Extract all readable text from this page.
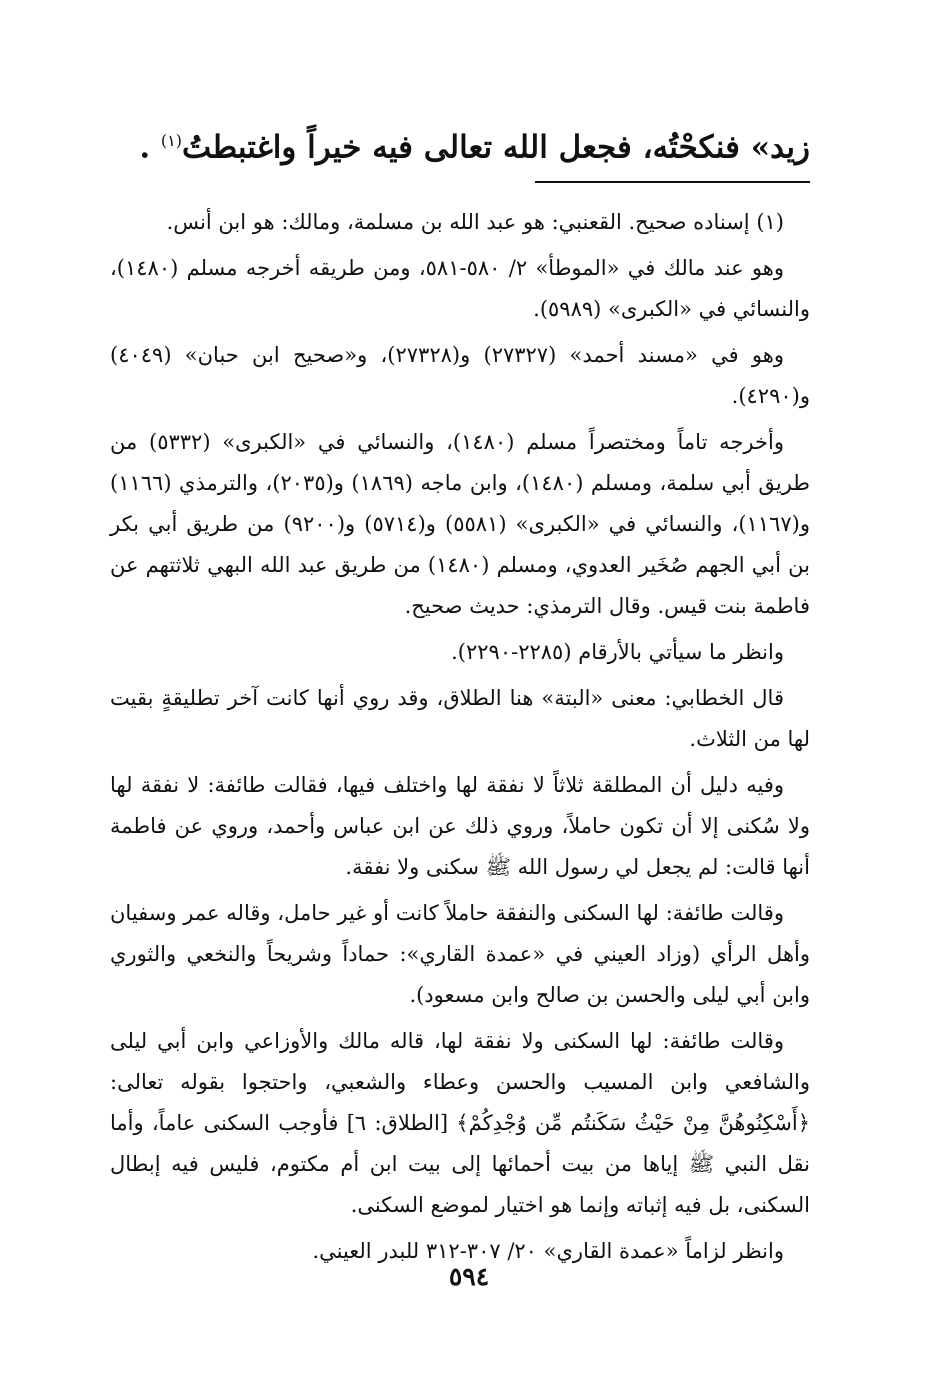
زيد» فنكحْتُه، فجعل الله تعالى فيه خيراً واغتبطتُ$^{(١)}$ .

(١) إسناده صحيح. القعنبي: هو عبد الله بن مسلمة، ومالك: هو ابن أنس.

وهو عند مالك في «الموطأ» ٢/ ٥٨٠-٥٨١، ومن طريقه أخرجه مسلم (١٤٨٠)، والنسائي في «الكبرى» (٥٩٨٩).

وهو في «مسند أحمد» (٢٧٣٢٧) و(٢٧٣٢٨)، و«صحيح ابن حبان» (٤٠٤٩) و(٤٢٩٠).

وأخرجه تاماً ومختصراً مسلم (١٤٨٠)، والنسائي في «الكبرى» (٥٣٣٢) من طريق أبي سلمة، ومسلم (١٤٨٠)، وابن ماجه (١٨٦٩) و(٢٠٣٥)، والترمذي (١١٦٦) و(١١٦٧)، والنسائي في «الكبرى» (٥٥٨١) و(٥٧١٤) و(٩٢٠٠) من طريق أبي بكر بن أبي الجهم صُخَير العدوي، ومسلم (١٤٨٠) من طريق عبد الله البهي ثلاثتهم عن فاطمة بنت قيس. وقال الترمذي: حديث صحيح.

وانظر ما سيأتي بالأرقام (٢٢٨٥-٢٢٩٠).

قال الخطابي: معنى «البتة» هنا الطلاق، وقد روي أنها كانت آخر تطليقةٍ بقيت لها من الثلاث.

وفيه دليل أن المطلقة ثلاثاً لا نفقة لها واختلف فيها، فقالت طائفة: لا نفقة لها ولا سُكنى إلا أن تكون حاملاً، وروي ذلك عن ابن عباس وأحمد، وروي عن فاطمة أنها قالت: لم يجعل لي رسول الله ﷺ سكنى ولا نفقة.

وقالت طائفة: لها السكنى والنفقة حاملاً كانت أو غير حامل، وقاله عمر وسفيان وأهل الرأي (وزاد العيني في «عمدة القاري»: حماداً وشريحاً والنخعي والثوري وابن أبي ليلى والحسن بن صالح وابن مسعود).

وقالت طائفة: لها السكنى ولا نفقة لها، قاله مالك والأوزاعي وابن أبي ليلى والشافعي وابن المسيب والحسن وعطاء والشعبي، واحتجوا بقوله تعالى: ﴿أَسْكِنُوهُنَّ مِنْ حَيْثُ سَكَنتُم مِّن وُجْدِكُمْ﴾ [الطلاق: ٦] فأوجب السكنى عاماً، وأما نقل النبي ﷺ إياها من بيت أحمائها إلى بيت ابن أم مكتوم، فليس فيه إبطال السكنى، بل فيه إثباته وإنما هو اختيار لموضع السكنى.

وانظر لزاماً «عمدة القاري» ٢٠/ ٣٠٧-٣١٢ للبدر العيني.

٥٩٤
